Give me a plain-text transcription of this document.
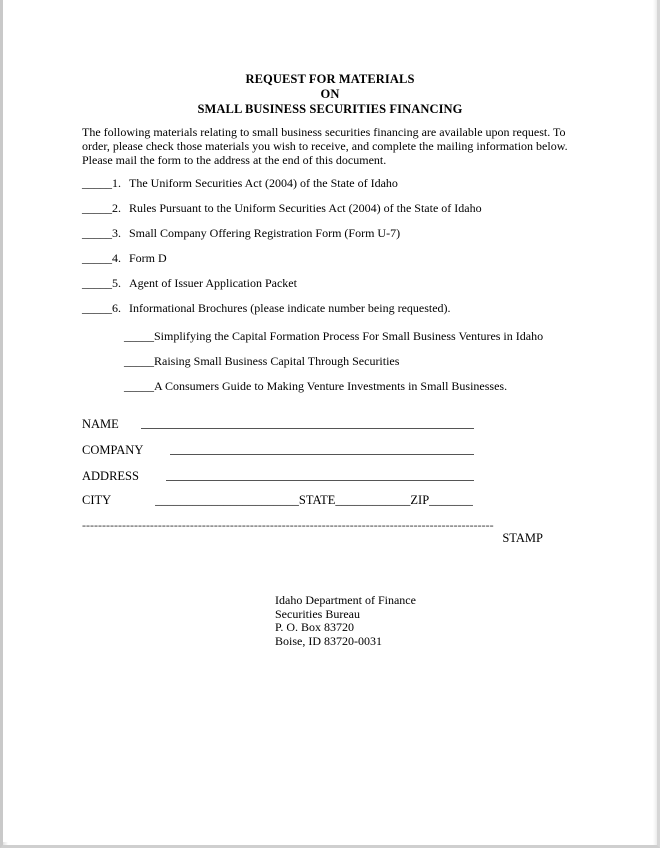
REQUEST FOR MATERIALS
ON
SMALL BUSINESS SECURITIES FINANCING
The following materials relating to small business securities financing are available upon request. To order, please check those materials you wish to receive, and complete the mailing information below. Please mail the form to the address at the end of this document.
_____ 1. The Uniform Securities Act (2004) of the State of Idaho
_____ 2. Rules Pursuant to the Uniform Securities Act (2004) of the State of Idaho
_____ 3. Small Company Offering Registration Form (Form U-7)
_____ 4. Form D
_____ 5. Agent of Issuer Application Packet
_____ 6. Informational Brochures (please indicate number being requested).
_____ Simplifying the Capital Formation Process For Small Business Ventures in Idaho
_____ Raising Small Business Capital Through Securities
_____ A Consumers Guide to Making Venture Investments in Small Businesses.
NAME
COMPANY
ADDRESS
CITY	_______________________STATE____________ZIP_______
-------------------------------------------------------------------------------------------------------
STAMP
Idaho Department of Finance
Securities Bureau
P. O. Box 83720
Boise, ID 83720-0031
